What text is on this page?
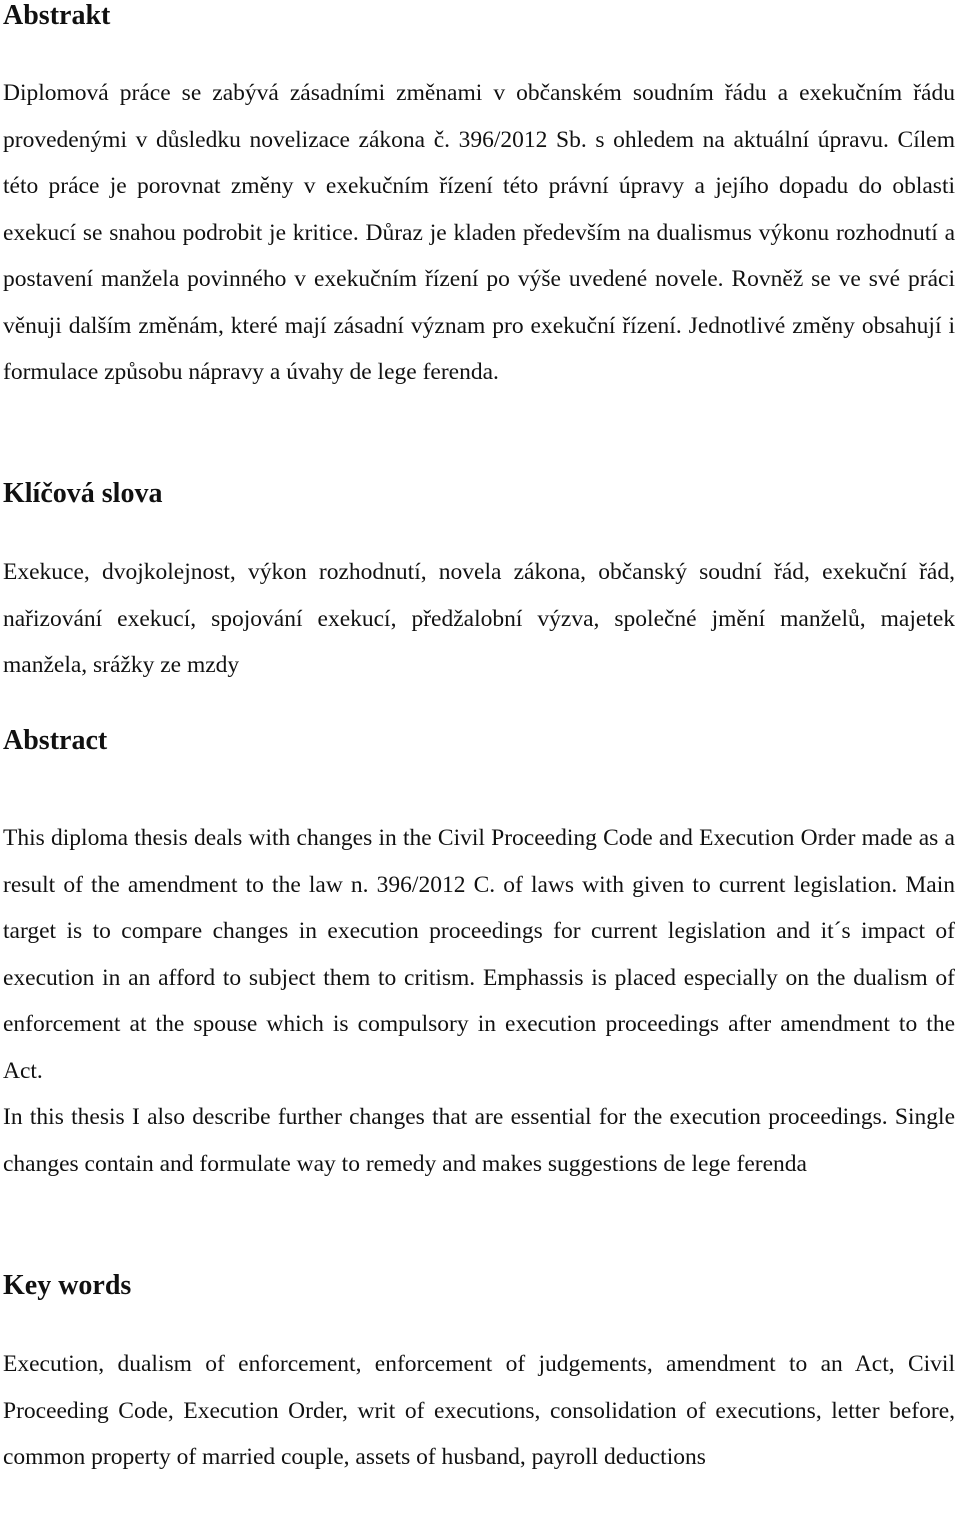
Abstrakt

Diplomová práce se zabývá zásadními změnami v občanském soudním řádu a exekučním řádu provedenými v důsledku novelizace zákona č. 396/2012 Sb. s ohledem na aktuální úpravu. Cílem této práce je porovnat změny v exekučním řízení této právní úpravy a jejího dopadu do oblasti exekucí se snahou podrobit je kritice. Důraz je kladen především na dualismus výkonu rozhodnutí a postavení manžela povinného v exekučním řízení po výše uvedené novele. Rovněž se ve své práci věnuji dalším změnám, které mají zásadní význam pro exekuční řízení. Jednotlivé změny obsahují i formulace způsobu nápravy a úvahy de lege ferenda.

Klíčová slova

Exekuce, dvojkolejnost, výkon rozhodnutí, novela zákona, občanský soudní řád, exekuční řád, nařizování exekucí, spojování exekucí, předžalobní výzva, společné jmění manželů, majetek manžela, srážky ze mzdy

Abstract

This diploma thesis deals with changes in the Civil Proceeding Code and Execution Order made as a result of the amendment to the law n. 396/2012 C. of laws with given to current legislation. Main target is to compare changes in execution proceedings for current legislation and it´s impact of execution in an afford to subject them to critism. Emphassis is placed especially on the dualism of enforcement at the spouse which is compulsory in execution proceedings after amendment to the Act.

In this thesis I also describe further changes that are essential for the execution proceedings. Single changes contain and formulate way to remedy and makes suggestions de lege ferenda

Key words

Execution, dualism of enforcement, enforcement of judgements, amendment to an Act, Civil Proceeding Code, Execution Order, writ of executions, consolidation of executions, letter before, common property of married couple, assets of husband, payroll deductions
